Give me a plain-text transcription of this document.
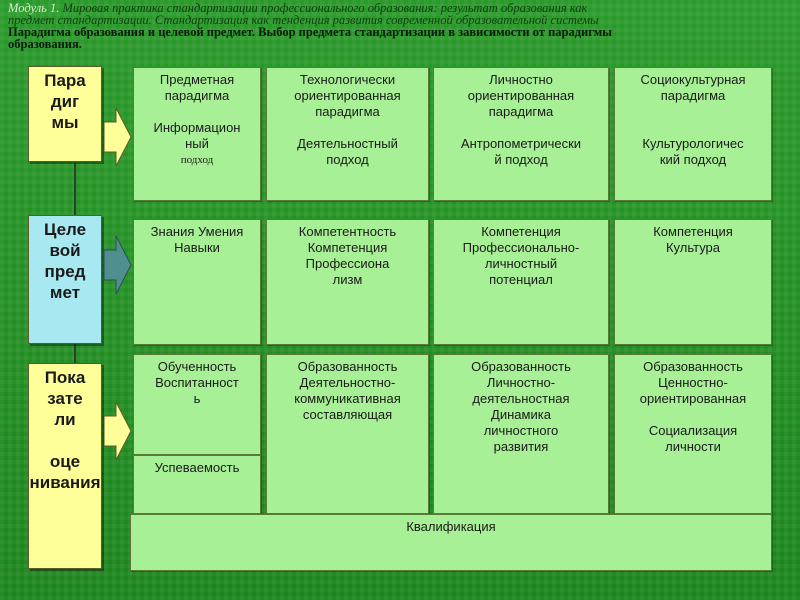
Модуль 1. Мировая практика стандартизации профессионального образования: результат образования как
предмет стандартизации. Стандартизация как тенденция развития современной образовательной системы
Парадигма образования и целевой предмет. Выбор предмета стандартизации в зависимости от парадигмы
образования.
Пара
диг
мы
Целе
вой
пред
мет
Пока
зате
ли

оце
нивания
Предметная
парадигма

Информацион
ный
подход
Технологически
ориентированная
парадигма

Деятельностный
подход
Личностно
ориентированная
парадигма

Антропометрически
й подход
Социокультурная
парадигма

Культурологичес
кий подход
Знания Умения
Навыки
Компетентность
Компетенция
Профессиона
лизм
Компетенция
Профессионально-
личностный
потенциал
Компетенция
Культура
Обученность
Воспитанност
ь
Успеваемость
Образованность
Деятельностно-
коммуникативная
составляющая
Образованность
Личностно-
деятельностная
Динамика
личностного
развития
Образованность
Ценностно-
ориентированная

Социализация
личности
Квалификация
